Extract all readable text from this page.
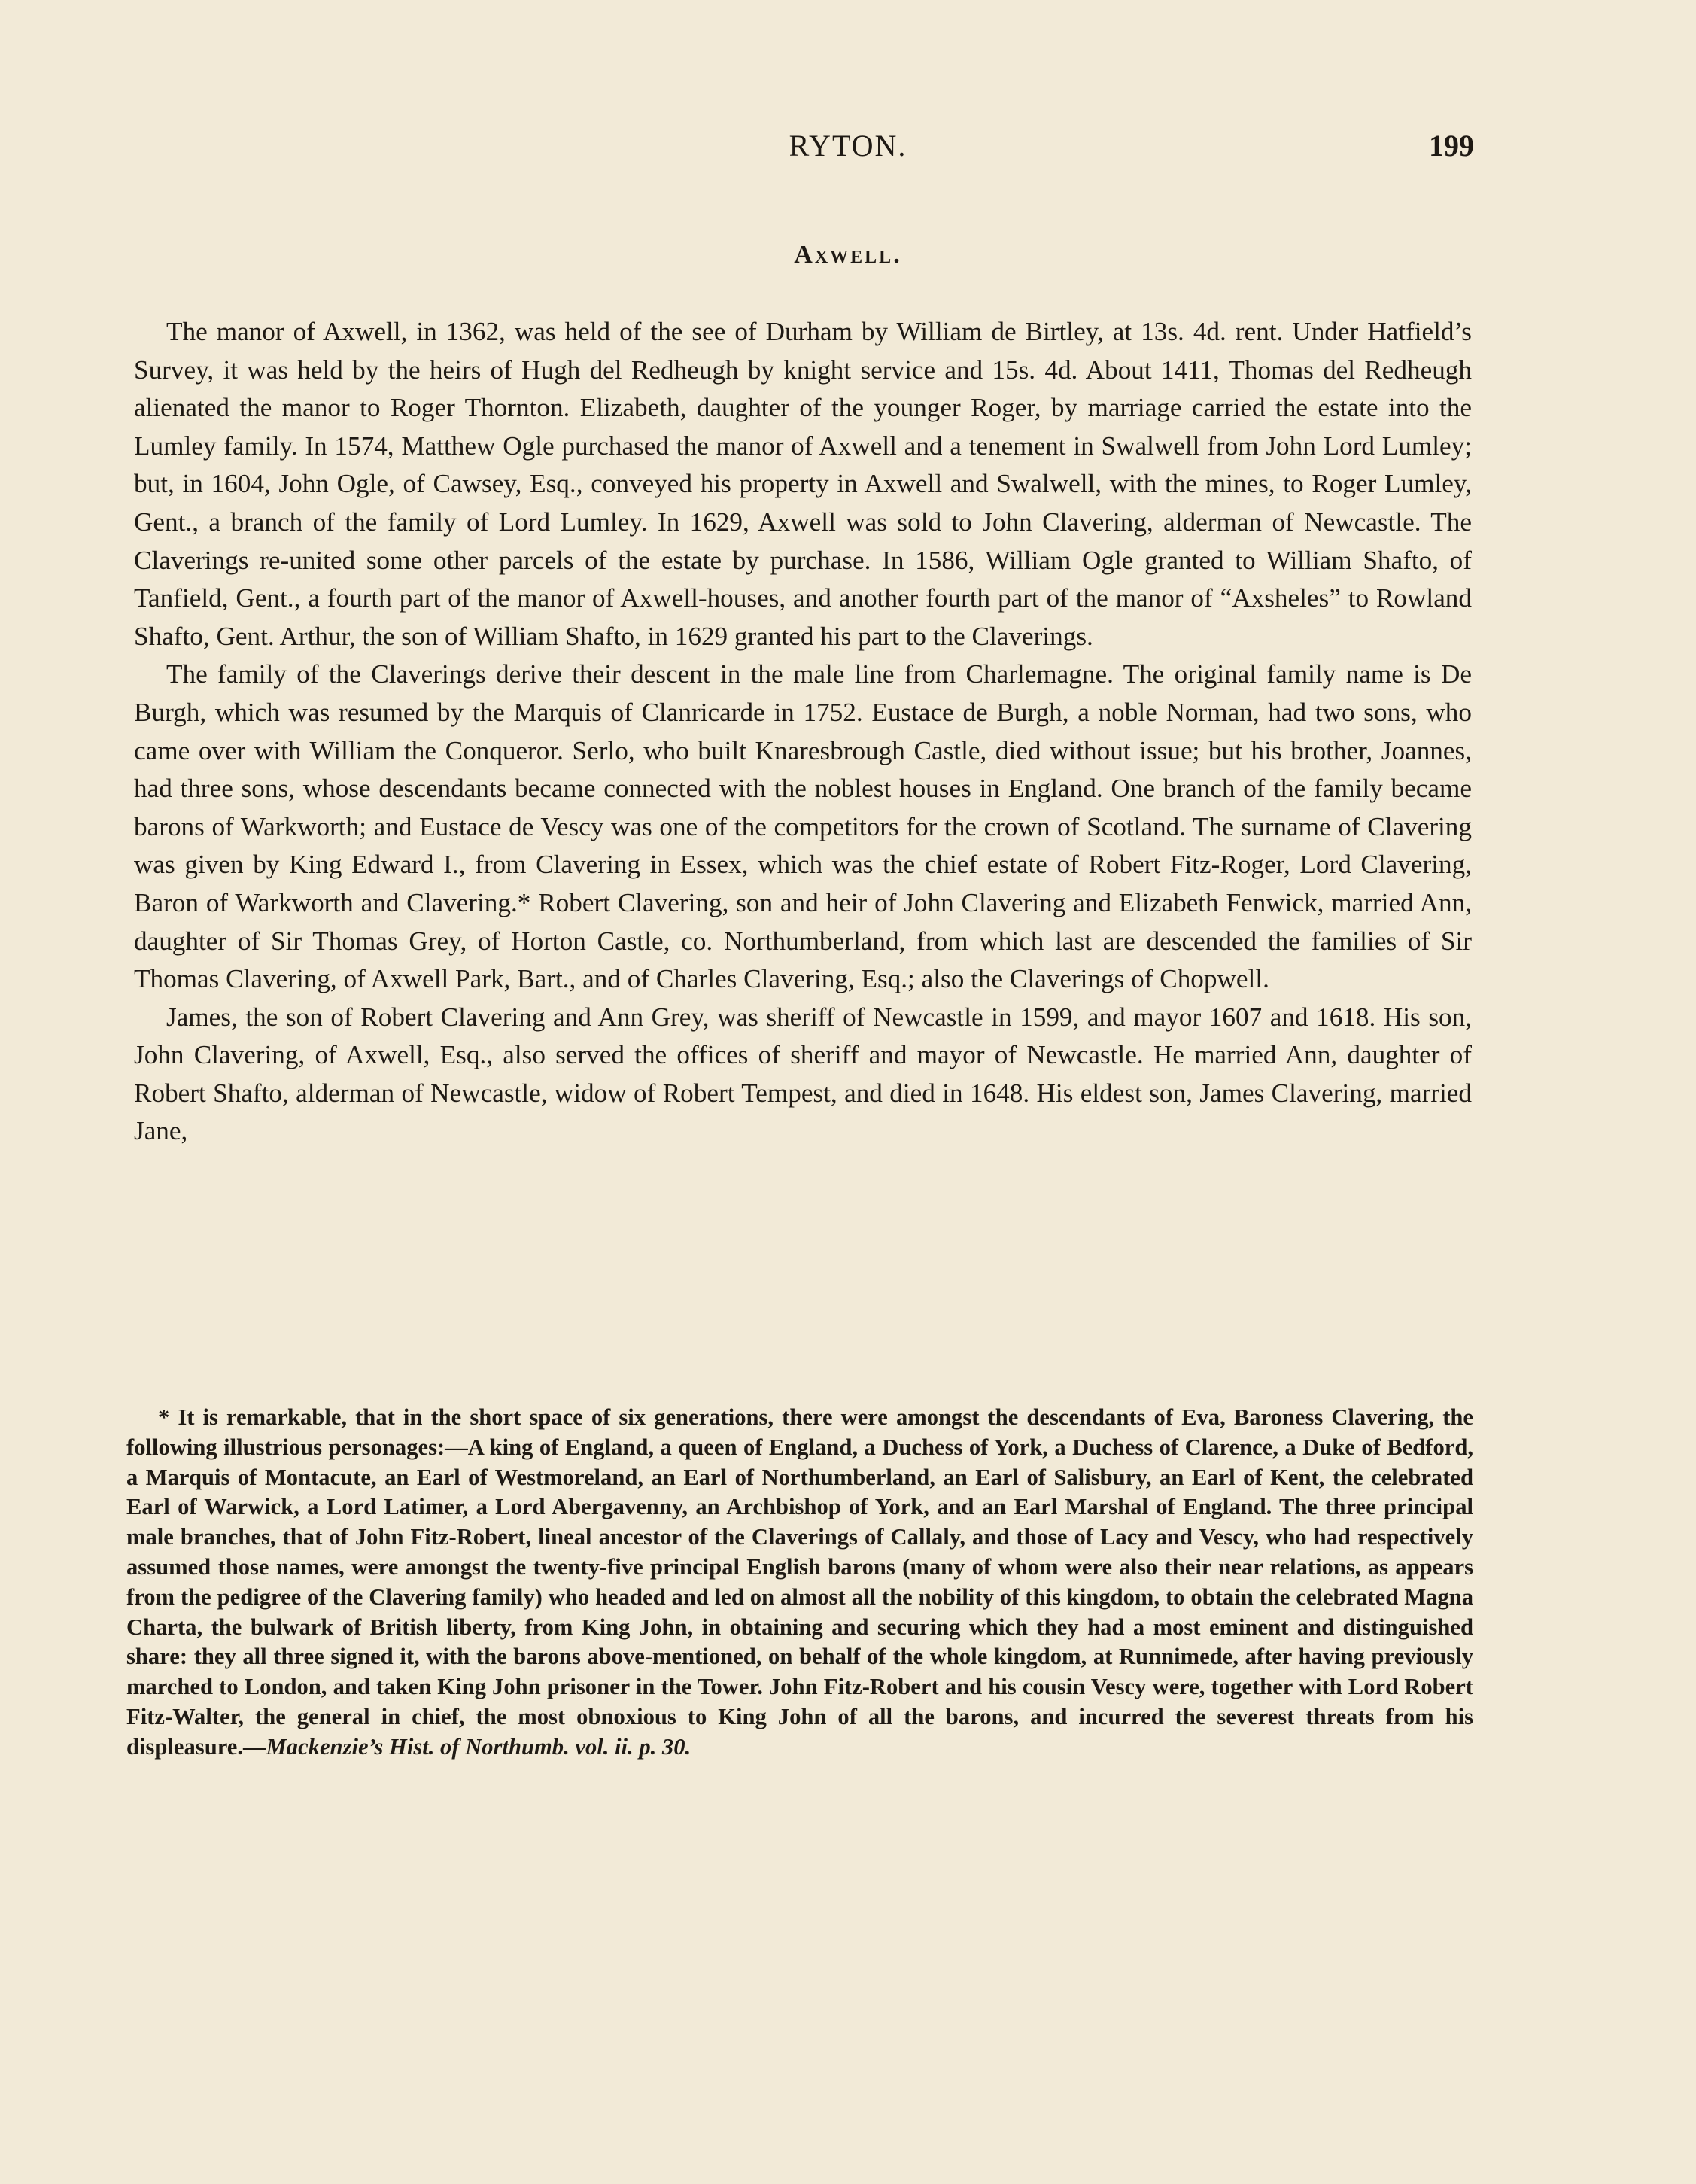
RYTON.	199
Axwell.

The manor of Axwell, in 1362, was held of the see of Durham by William de Birtley, at 13s. 4d. rent. Under Hatfield’s Survey, it was held by the heirs of Hugh del Redheugh by knight service and 15s. 4d. About 1411, Thomas del Redheugh alienated the manor to Roger Thornton. Elizabeth, daughter of the younger Roger, by marriage carried the estate into the Lumley family. In 1574, Matthew Ogle purchased the manor of Axwell and a tenement in Swalwell from John Lord Lumley; but, in 1604, John Ogle, of Cawsey, Esq., conveyed his property in Axwell and Swalwell, with the mines, to Roger Lumley, Gent., a branch of the family of Lord Lumley. In 1629, Axwell was sold to John Clavering, alderman of Newcastle. The Claverings re-united some other parcels of the estate by purchase. In 1586, William Ogle granted to William Shafto, of Tanfield, Gent., a fourth part of the manor of Axwell-houses, and another fourth part of the manor of “Axsheles” to Rowland Shafto, Gent. Arthur, the son of William Shafto, in 1629 granted his part to the Claverings.

The family of the Claverings derive their descent in the male line from Charlemagne. The original family name is De Burgh, which was resumed by the Marquis of Clanricarde in 1752. Eustace de Burgh, a noble Norman, had two sons, who came over with William the Conqueror. Serlo, who built Knaresbrough Castle, died without issue; but his brother, Joannes, had three sons, whose descendants became connected with the noblest houses in England. One branch of the family became barons of Warkworth; and Eustace de Vescy was one of the competitors for the crown of Scotland. The surname of Clavering was given by King Edward I., from Clavering in Essex, which was the chief estate of Robert Fitz-Roger, Lord Clavering, Baron of Warkworth and Clavering.* Robert Clavering, son and heir of John Clavering and Elizabeth Fenwick, married Ann, daughter of Sir Thomas Grey, of Horton Castle, co. Northumberland, from which last are descended the families of Sir Thomas Clavering, of Axwell Park, Bart., and of Charles Clavering, Esq.; also the Claverings of Chopwell.

James, the son of Robert Clavering and Ann Grey, was sheriff of Newcastle in 1599, and mayor 1607 and 1618. His son, John Clavering, of Axwell, Esq., also served the offices of sheriff and mayor of Newcastle. He married Ann, daughter of Robert Shafto, alderman of Newcastle, widow of Robert Tempest, and died in 1648. His eldest son, James Clavering, married Jane,

* It is remarkable, that in the short space of six generations, there were amongst the descendants of Eva, Baroness Clavering, the following illustrious personages:—A king of England, a queen of England, a Duchess of York, a Duchess of Clarence, a Duke of Bedford, a Marquis of Montacute, an Earl of Westmoreland, an Earl of Northumberland, an Earl of Salisbury, an Earl of Kent, the celebrated Earl of Warwick, a Lord Latimer, a Lord Abergavenny, an Archbishop of York, and an Earl Marshal of England. The three principal male branches, that of John Fitz-Robert, lineal ancestor of the Claverings of Callaly, and those of Lacy and Vescy, who had respectively assumed those names, were amongst the twenty-five principal English barons (many of whom were also their near relations, as appears from the pedigree of the Clavering family) who headed and led on almost all the nobility of this kingdom, to obtain the celebrated Magna Charta, the bulwark of British liberty, from King John, in obtaining and securing which they had a most eminent and distinguished share: they all three signed it, with the barons above-mentioned, on behalf of the whole kingdom, at Runnimede, after having previously marched to London, and taken King John prisoner in the Tower. John Fitz-Robert and his cousin Vescy were, together with Lord Robert Fitz-Walter, the general in chief, the most obnoxious to King John of all the barons, and incurred the severest threats from his displeasure.—Mackenzie’s Hist. of Northumb. vol. ii. p. 30.
